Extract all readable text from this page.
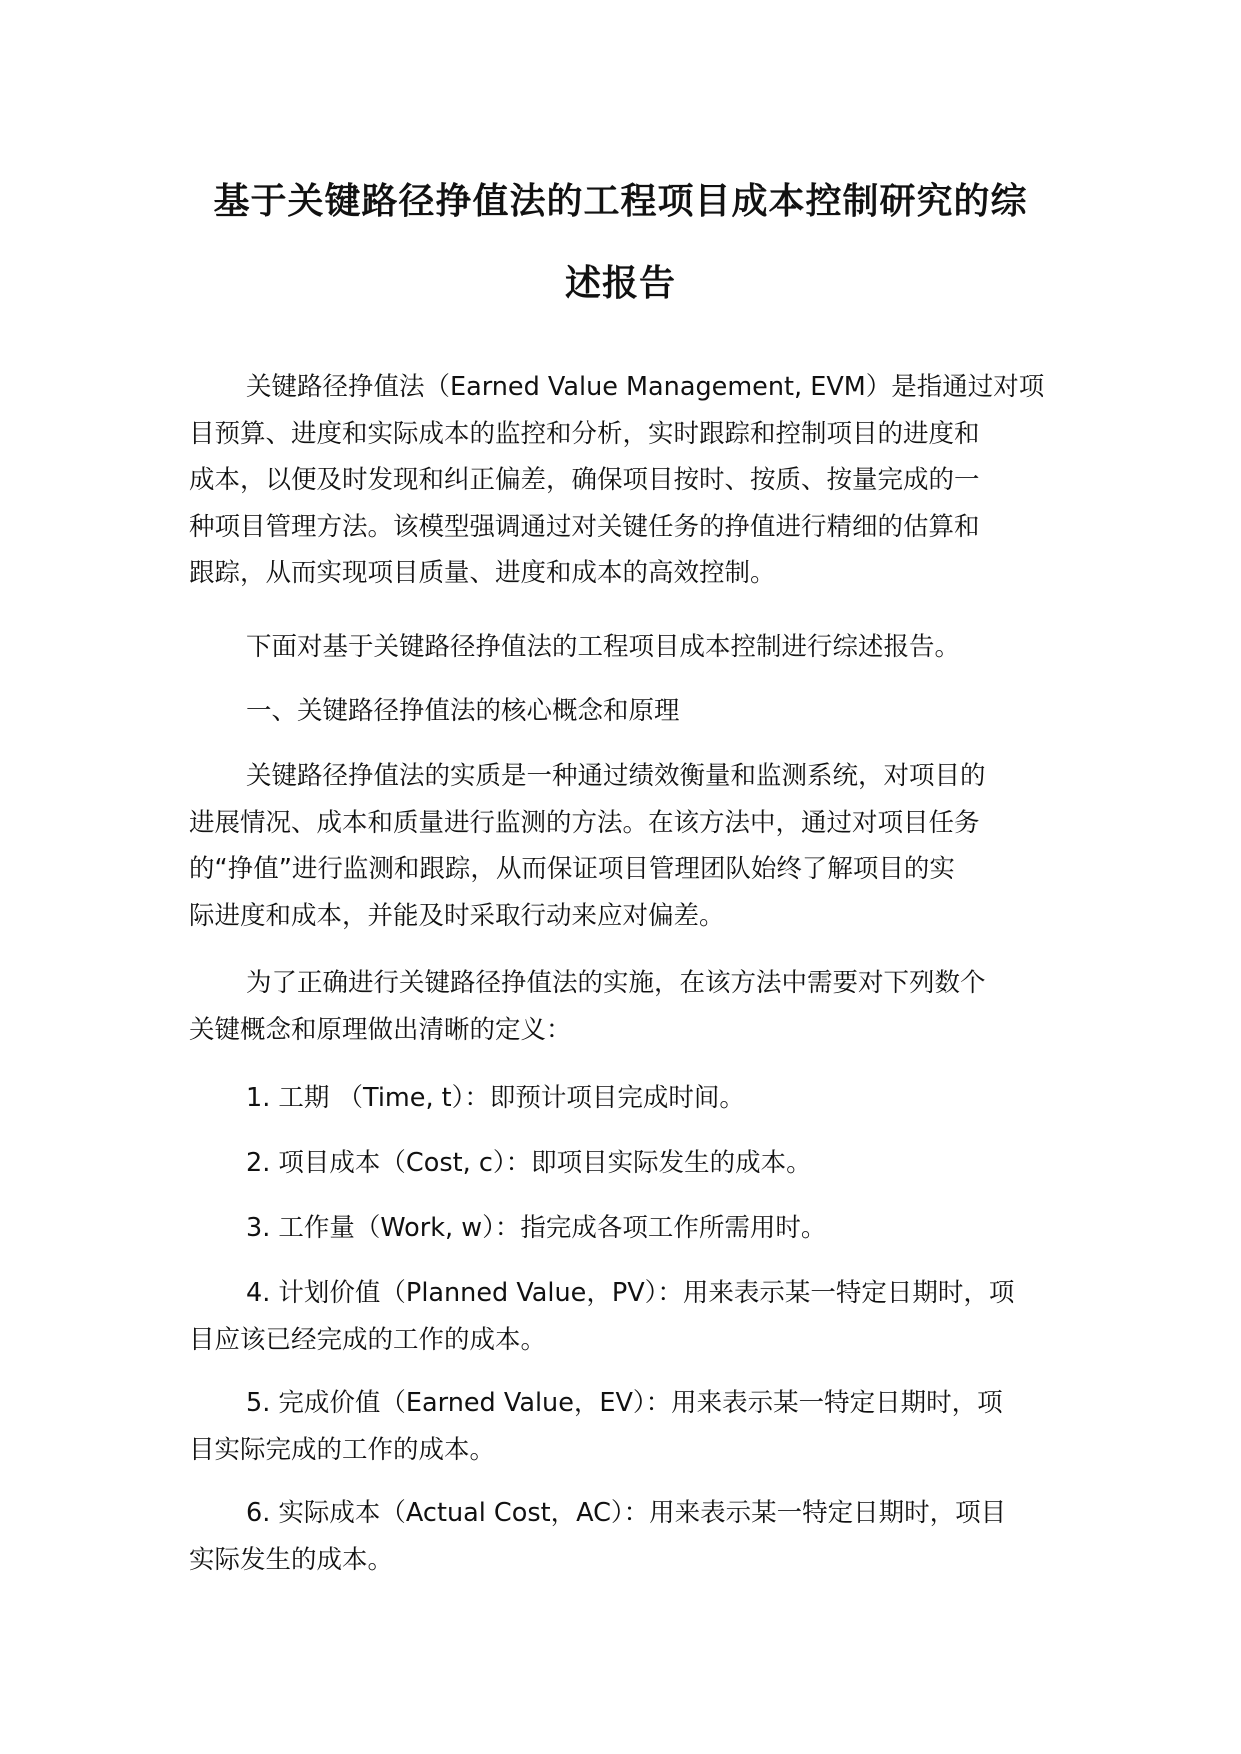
基于关键路径挣值法的工程项目成本控制研究的综
述报告
关键路径挣值法（Earned Value Management, EVM）是指通过对项
目预算、进度和实际成本的监控和分析，实时跟踪和控制项目的进度和
成本，以便及时发现和纠正偏差，确保项目按时、按质、按量完成的一
种项目管理方法。该模型强调通过对关键任务的挣值进行精细的估算和
跟踪，从而实现项目质量、进度和成本的高效控制。
下面对基于关键路径挣值法的工程项目成本控制进行综述报告。
一、关键路径挣值法的核心概念和原理
关键路径挣值法的实质是一种通过绩效衡量和监测系统，对项目的
进展情况、成本和质量进行监测的方法。在该方法中，通过对项目任务
的“挣值”进行监测和跟踪，从而保证项目管理团队始终了解项目的实
际进度和成本，并能及时采取行动来应对偏差。
为了正确进行关键路径挣值法的实施，在该方法中需要对下列数个
关键概念和原理做出清晰的定义：
1. 工期 （Time, t）：即预计项目完成时间。
2. 项目成本（Cost, c）：即项目实际发生的成本。
3. 工作量（Work, w）：指完成各项工作所需用时。
4. 计划价值（Planned Value，PV）：用来表示某一特定日期时，项
目应该已经完成的工作的成本。
5. 完成价值（Earned Value，EV）：用来表示某一特定日期时，项
目实际完成的工作的成本。
6. 实际成本（Actual Cost，AC）：用来表示某一特定日期时，项目
实际发生的成本。
